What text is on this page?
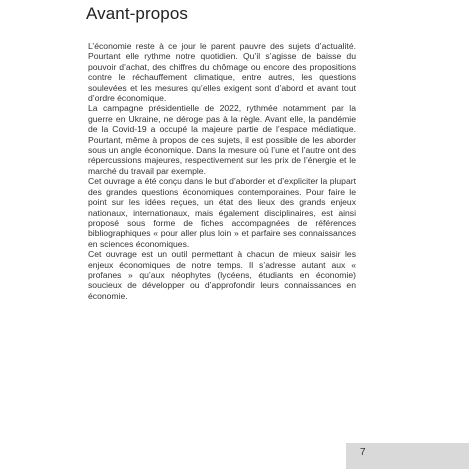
Avant-propos

L’économie reste à ce jour le parent pauvre des sujets d’actualité. Pourtant elle rythme notre quotidien. Qu’il s’agisse de baisse du pouvoir d’achat, des chiffres du chômage ou encore des propositions contre le réchauffement climatique, entre autres, les questions soulevées et les mesures qu’elles exigent sont d’abord et avant tout d’ordre économique.

La campagne présidentielle de 2022, rythmée notamment par la guerre en Ukraine, ne déroge pas à la règle. Avant elle, la pandémie de la Covid-19 a occupé la majeure partie de l’espace médiatique. Pourtant, même à propos de ces sujets, il est possible de les aborder sous un angle économique. Dans la mesure où l’une et l’autre ont des répercussions majeures, respectivement sur les prix de l’énergie et le marché du travail par exemple.

Cet ouvrage a été conçu dans le but d’aborder et d’expliciter la plupart des grandes questions économiques contemporaines. Pour faire le point sur les idées reçues, un état des lieux des grands enjeux nationaux, internationaux, mais également disciplinaires, est ainsi proposé sous forme de fiches accompagnées de références bibliographiques « pour aller plus loin » et parfaire ses connaissances en sciences économiques.

Cet ouvrage est un outil permettant à chacun de mieux saisir les enjeux économiques de notre temps. Il s’adresse autant aux « profanes » qu’aux néophytes (lycéens, étudiants en économie) soucieux de développer ou d’approfondir leurs connaissances en économie.

7
